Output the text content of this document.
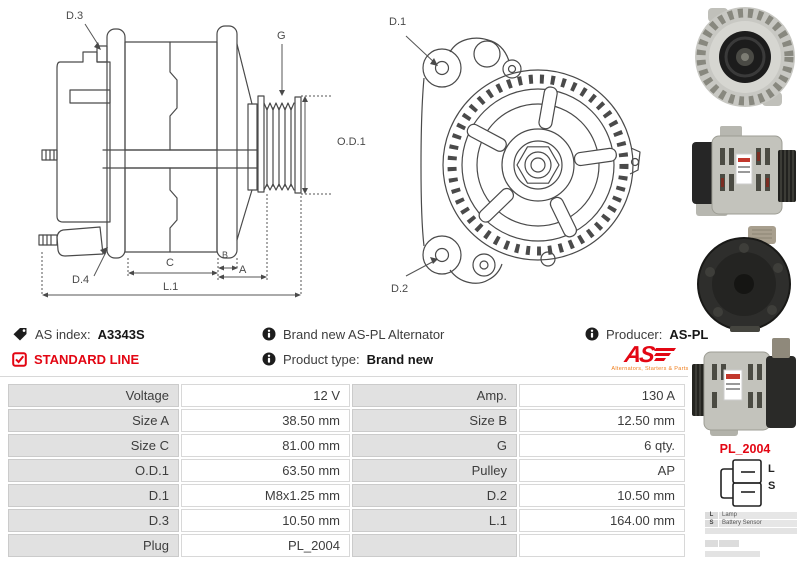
D.3
G
O.D.1
D.4
C
B
A
L.1
D.1
D.2
PL_2004
L
S
L	Lamp
S	Battery Sensor
AS index: A3343S
STANDARD LINE
Brand new AS-PL Alternator
Product type: Brand new
Producer: AS-PL
AS
Alternators, Starters & Parts
Voltage	12 V	Amp.	130 A
Size A	38.50 mm	Size B	12.50 mm
Size C	81.00 mm	G	6 qty.
O.D.1	63.50 mm	Pulley	AP
D.1	M8x1.25 mm	D.2	10.50 mm
D.3	10.50 mm	L.1	164.00 mm
Plug	PL_2004
